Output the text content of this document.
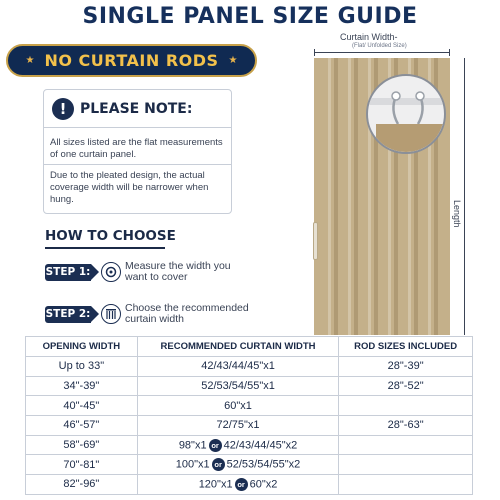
SINGLE PANEL SIZE GUIDE
★ NO CURTAIN RODS ★
! PLEASE NOTE:
All sizes listed are the flat measurements of one curtain panel.
Due to the pleated design, the actual coverage width will be narrower when hung.
HOW TO CHOOSE
STEP 1:	Measure the width you want to cover
STEP 2:	Choose the recommended curtain width
Curtain Width-
(Flat/ Unfolded Size)
Length
OPENING WIDTH	RECOMMENDED CURTAIN WIDTH	ROD SIZES INCLUDED
Up to 33"	42/43/44/45"x1	28"-39"
34"-39"	52/53/54/55"x1	28"-52"
40"-45"	60"x1	
46"-57"	72/75"x1	28"-63"
58"-69"	98"x1 or 42/43/44/45"x2	
70"-81"	100"x1 or 52/53/54/55"x2	
82"-96"	120"x1 or 60"x2	
